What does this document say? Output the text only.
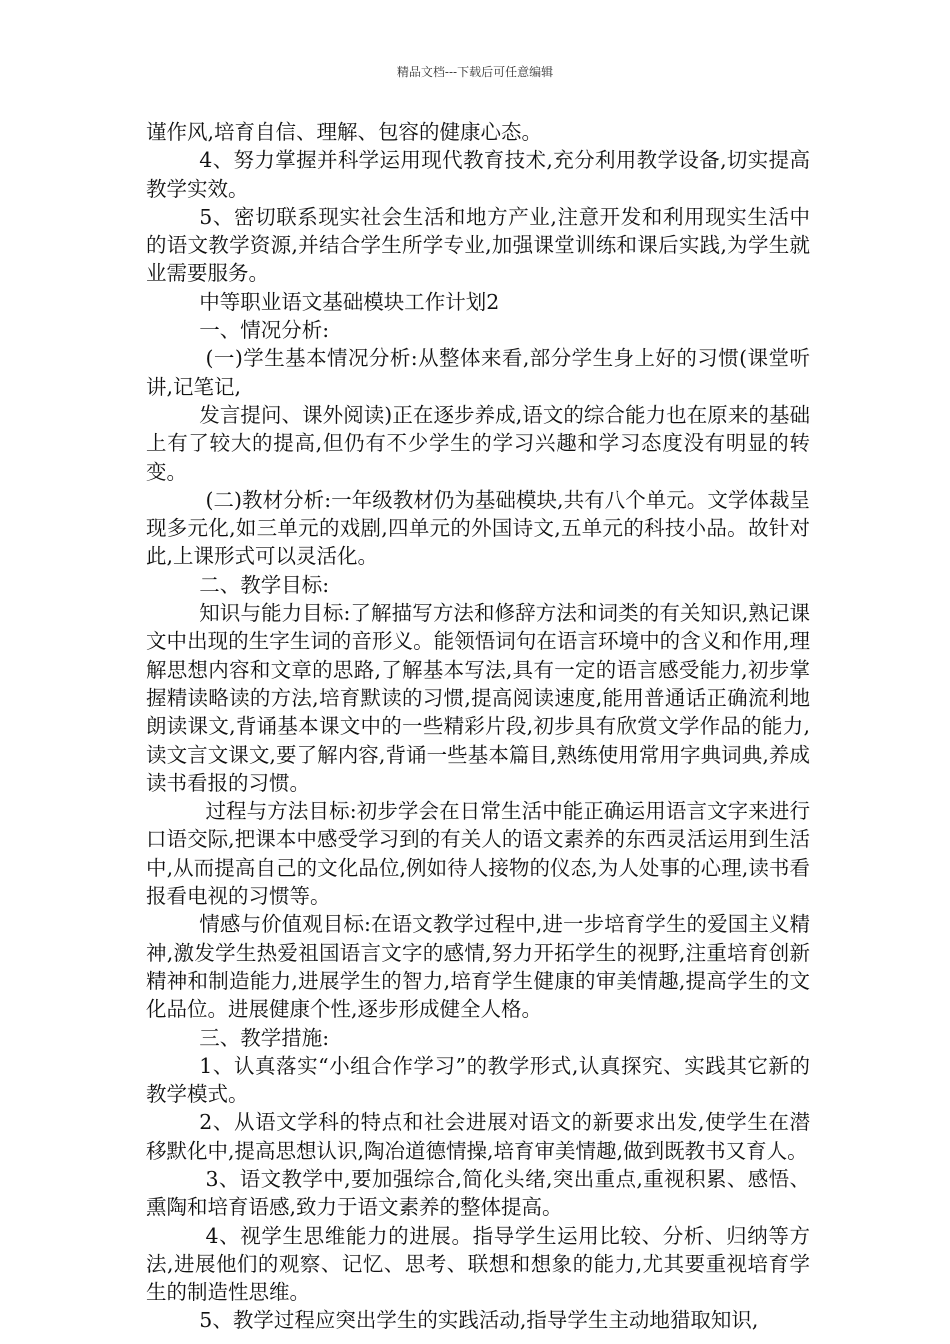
精品文档---下载后可任意编辑

谨作风,培育自信、理解、包容的健康心态。

4、努力掌握并科学运用现代教育技术,充分利用教学设备,切实提高教学实效。

5、密切联系现实社会生活和地方产业,注意开发和利用现实生活中的语文教学资源,并结合学生所学专业,加强课堂训练和课后实践,为学生就业需要服务。

中等职业语文基础模块工作计划2

一、情况分析:

(一)学生基本情况分析:从整体来看,部分学生身上好的习惯(课堂听讲,记笔记,

发言提问、课外阅读)正在逐步养成,语文的综合能力也在原来的基础上有了较大的提高,但仍有不少学生的学习兴趣和学习态度没有明显的转变。

(二)教材分析:一年级教材仍为基础模块,共有八个单元。文学体裁呈现多元化,如三单元的戏剧,四单元的外国诗文,五单元的科技小品。故针对此,上课形式可以灵活化。

二、教学目标:

知识与能力目标:了解描写方法和修辞方法和词类的有关知识,熟记课文中出现的生字生词的音形义。能领悟词句在语言环境中的含义和作用,理解思想内容和文章的思路,了解基本写法,具有一定的语言感受能力,初步掌握精读略读的方法,培育默读的习惯,提高阅读速度,能用普通话正确流利地朗读课文,背诵基本课文中的一些精彩片段,初步具有欣赏文学作品的能力,读文言文课文,要了解内容,背诵一些基本篇目,熟练使用常用字典词典,养成读书看报的习惯。

过程与方法目标:初步学会在日常生活中能正确运用语言文字来进行口语交际,把课本中感受学习到的有关人的语文素养的东西灵活运用到生活中,从而提高自己的文化品位,例如待人接物的仪态,为人处事的心理,读书看报看电视的习惯等。

情感与价值观目标:在语文教学过程中,进一步培育学生的爱国主义精神,激发学生热爱祖国语言文字的感情,努力开拓学生的视野,注重培育创新精神和制造能力,进展学生的智力,培育学生健康的审美情趣,提高学生的文化品位。进展健康个性,逐步形成健全人格。

三、教学措施:

1、认真落实“小组合作学习”的教学形式,认真探究、实践其它新的教学模式。

2、从语文学科的特点和社会进展对语文的新要求出发,使学生在潜移默化中,提高思想认识,陶冶道德情操,培育审美情趣,做到既教书又育人。

3、语文教学中,要加强综合,简化头绪,突出重点,重视积累、感悟、熏陶和培育语感,致力于语文素养的整体提高。

4、视学生思维能力的进展。指导学生运用比较、分析、归纳等方法,进展他们的观察、记忆、思考、联想和想象的能力,尤其要重视培育学生的制造性思维。

5、教学过程应突出学生的实践活动,指导学生主动地猎取知识,
